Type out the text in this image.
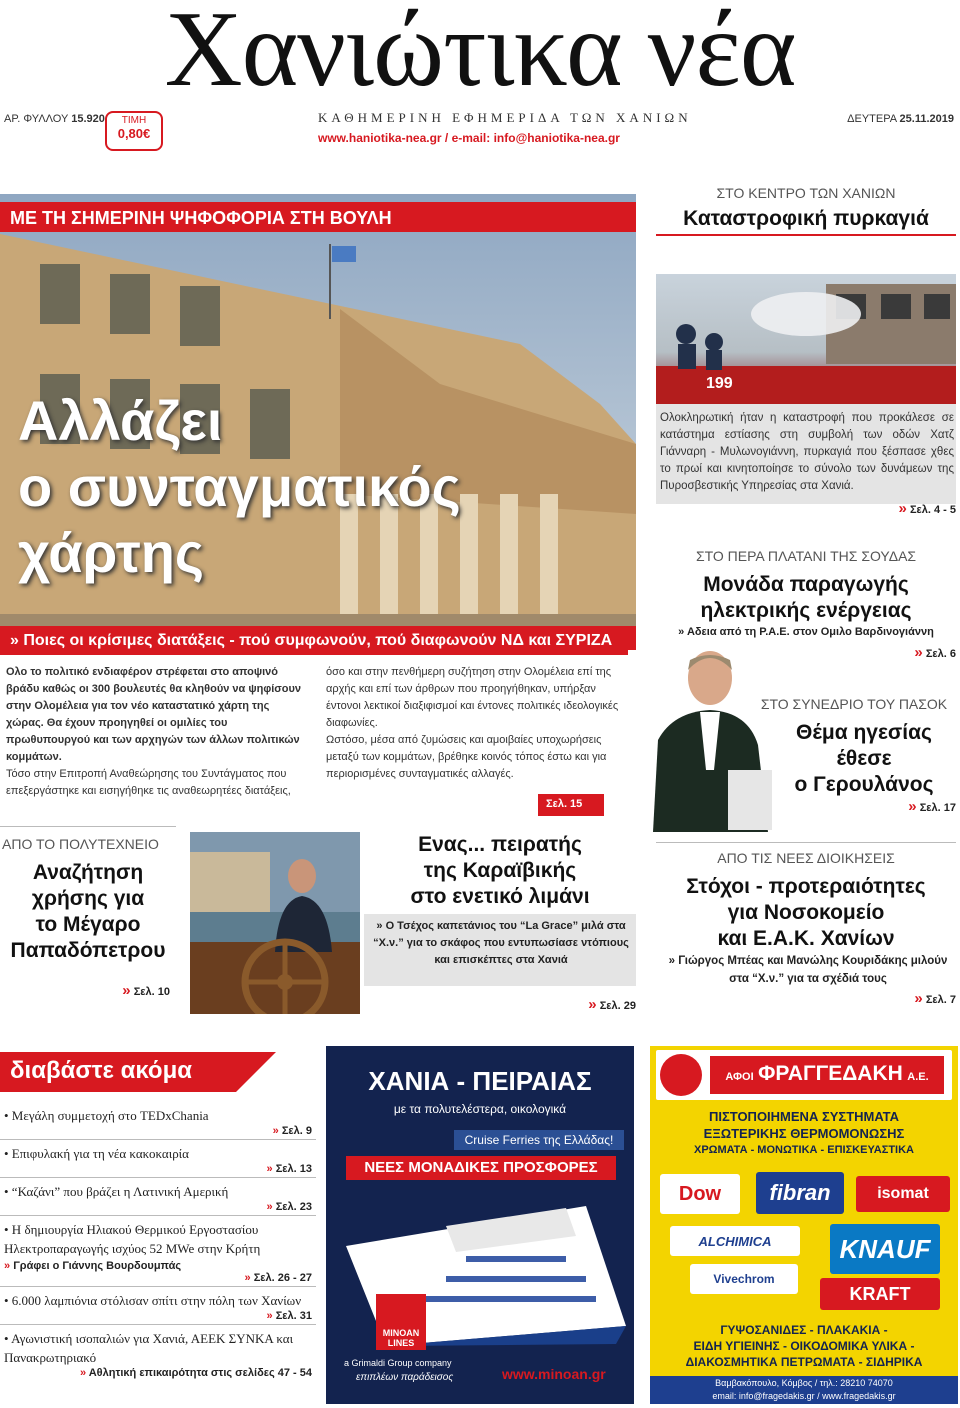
Χανιώτικα νέα
ΑΡ. ΦΥΛΛΟΥ 15.920	ΤΙΜΗ
0,80€
ΚΑΘΗΜΕΡΙΝΗ ΕΦΗΜΕΡΙΔΑ ΤΩΝ ΧΑΝΙΩΝ	ΔΕΥΤΕΡΑ 25.11.2019
www.haniotika-nea.gr / e-mail: info@haniotika-nea.gr
ΜΕ ΤΗ ΣΗΜΕΡΙΝΗ ΨΗΦΟΦΟΡΙΑ ΣΤΗ ΒΟΥΛΗ
Αλλάζει
ο συνταγματικός
χάρτης
» Ποιες οι κρίσιμες διατάξεις - πού συμφωνούν, πού διαφωνούν ΝΔ και ΣΥΡΙΖΑ
Ολο το πολιτικό ενδιαφέρον στρέφεται στο αποψινό βράδυ καθώς οι 300 βουλευτές θα κληθούν να ψηφίσουν στην Ολομέλεια για τον νέο καταστατικό χάρτη της χώρας. Θα έχουν προηγηθεί οι ομιλίες του πρωθυπουργού και των αρχηγών των άλλων πολιτικών κομμάτων.
Τόσο στην Επιτροπή Αναθεώρησης του Συντάγματος που επεξεργάστηκε και εισηγήθηκε τις αναθεωρητέες διατάξεις,
όσο και στην πενθήμερη συζήτηση στην Ολομέλεια επί της αρχής και επί των άρθρων που προηγήθηκαν, υπήρξαν έντονοι λεκτικοί διαξιφισμοί και έντονες πολιτικές ιδεολογικές διαφωνίες.
Ωστόσο, μέσα από ζυμώσεις και αμοιβαίες υποχωρήσεις μεταξύ των κομμάτων, βρέθηκε κοινός τόπος έστω και για περιορισμένες συνταγματικές αλλαγές.
Σελ. 15
ΣΤΟ ΚΕΝΤΡΟ ΤΩΝ ΧΑΝΙΩΝ
Καταστροφική πυρκαγιά
199
Ολοκληρωτική ήταν η καταστροφή που προκάλεσε σε κατάστημα εστίασης στη συμβολή των οδών Χατζ Γιάνναρη - Μυλωνογιάννη, πυρκαγιά που ξέσπασε χθες το πρωί και κινητοποίησε το σύνολο των δυνάμεων της Πυροσβεστικής Υπηρεσίας στα Χανιά.
» Σελ. 4 - 5
ΣΤΟ ΠΕΡΑ ΠΛΑΤΑΝΙ ΤΗΣ ΣΟΥΔΑΣ
Μονάδα παραγωγής
ηλεκτρικής ενέργειας
» Αδεια από τη Ρ.Α.Ε. στον Ομιλο Βαρδινογιάννη
» Σελ. 6
ΣΤΟ ΣΥΝΕΔΡΙΟ ΤΟΥ ΠΑΣΟΚ
Θέμα ηγεσίας
έθεσε
ο Γερουλάνος
» Σελ. 17
ΑΠΟ ΤΟ ΠΟΛΥΤΕΧΝΕΙΟ
Αναζήτηση
χρήσης για
το Μέγαρο
Παπαδόπετρου
» Σελ. 10
Ενας... πειρατής
της Καραϊβικής
στο ενετικό λιμάνι
» Ο Τσέχος καπετάνιος του “La Grace” μιλά στα “Χ.ν.” για το σκάφος που εντυπωσίασε ντόπιους και επισκέπτες στα Χανιά
» Σελ. 29
ΑΠΟ ΤΙΣ ΝΕΕΣ ΔΙΟΙΚΗΣΕΙΣ
Στόχοι - προτεραιότητες
για Νοσοκομείο
και Ε.Α.Κ. Χανίων
» Γιώργος Μπέας και Μανώλης Κουριδάκης μιλούν στα “Χ.ν.” για τα σχέδιά τους
» Σελ. 7
διαβάστε ακόμα
• Μεγάλη συμμετοχή στο TEDxChania
» Σελ. 9
• Επιφυλακή για τη νέα κακοκαιρία
» Σελ. 13
• “Καζάνι” που βράζει η Λατινική Αμερική
» Σελ. 23
• Η δημιουργία Ηλιακού Θερμικού Εργοστασίου Ηλεκτροπαραγωγής ισχύος 52 MWe στην Κρήτη
» Γράφει ο Γιάννης Βουρδουμπάς
» Σελ. 26 - 27
• 6.000 λαμπιόνια στόλισαν σπίτι στην πόλη των Χανίων
» Σελ. 31
• Αγωνιστική ισοπαλιών για Χανιά, ΑΕΕΚ ΣΥΝΚΑ και Πανακρωτηριακό
» Αθλητική επικαιρότητα στις σελίδες 47 - 54
ΧΑΝΙΑ - ΠΕΙΡΑΙΑΣ
με τα πολυτελέστερα, οικολογικά
Cruise Ferries της Ελλάδας!
ΝΕΕΣ ΜΟΝΑΔΙΚΕΣ ΠΡΟΣΦΟΡΕΣ
MINOAN LINES
a Grimaldi Group company
επιπλέων παράδεισος	www.minoan.gr
ΑΦΟΙ ΦΡΑΓΓΕΔΑΚΗ Α.Ε.
ΠΙΣΤΟΠΟΙΗΜΕΝΑ ΣΥΣΤΗΜΑΤΑ
ΕΞΩΤΕΡΙΚΗΣ ΘΕΡΜΟΜΟΝΩΣΗΣ
ΧΡΩΜΑΤΑ - ΜΟΝΩΤΙΚΑ - ΕΠΙΣΚΕΥΑΣΤΙΚΑ
Dow	fibran	isomat
ALCHIMICA	KNAUF
Vivechrom
KRAFT
ΓΥΨΟΣΑΝΙΔΕΣ - ΠΛΑΚΑΚΙΑ -
ΕΙΔΗ ΥΓΙΕΙΝΗΣ - ΟΙΚΟΔΟΜΙΚΑ ΥΛΙΚΑ -
ΔΙΑΚΟΣΜΗΤΙΚΑ ΠΕΤΡΩΜΑΤΑ - ΣΙΔΗΡΙΚΑ
Βαμβακόπουλο, Κόμβος / τηλ.: 28210 74070
email: info@fragedakis.gr / www.fragedakis.gr
